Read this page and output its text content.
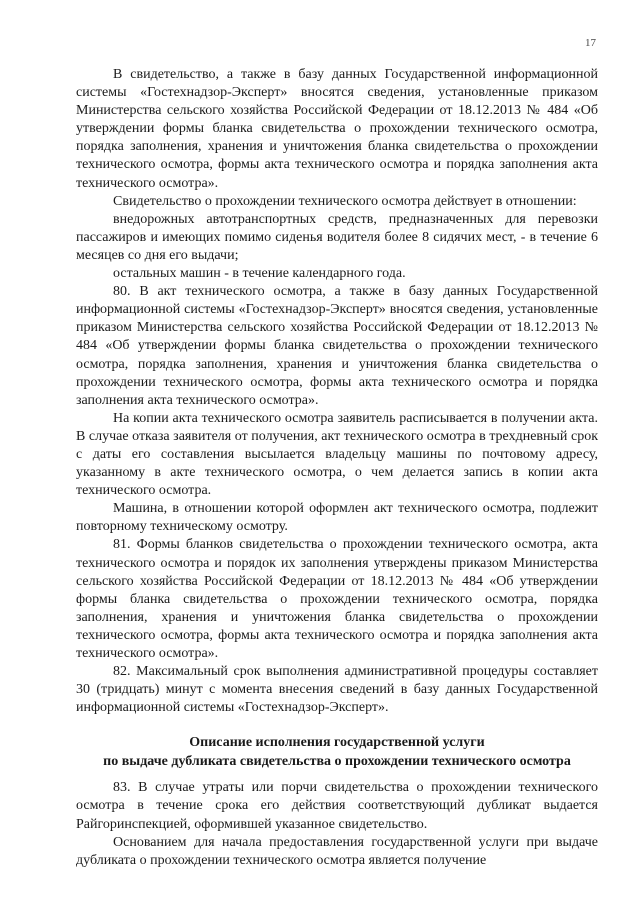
17

В свидетельство, а также в базу данных Государственной информационной системы «Гостехнадзор-Эксперт» вносятся сведения, установленные приказом Министерства сельского хозяйства Российской Федерации от 18.12.2013 № 484 «Об утверждении формы бланка свидетельства о прохождении технического осмотра, порядка заполнения, хранения и уничтожения бланка свидетельства о прохождении технического осмотра, формы акта технического осмотра и порядка заполнения акта технического осмотра».

Свидетельство о прохождении технического осмотра действует в отношении:

внедорожных автотранспортных средств, предназначенных для перевозки пассажиров и имеющих помимо сиденья водителя более 8 сидячих мест, - в течение 6 месяцев со дня его выдачи;

остальных машин - в течение календарного года.

80. В акт технического осмотра, а также в базу данных Государственной информационной системы «Гостехнадзор-Эксперт» вносятся сведения, установленные приказом Министерства сельского хозяйства Российской Федерации от 18.12.2013 № 484 «Об утверждении формы бланка свидетельства о прохождении технического осмотра, порядка заполнения, хранения и уничтожения бланка свидетельства о прохождении технического осмотра, формы акта технического осмотра и порядка заполнения акта технического осмотра».

На копии акта технического осмотра заявитель расписывается в получении акта. В случае отказа заявителя от получения, акт технического осмотра в трехдневный срок с даты его составления высылается владельцу машины по почтовому адресу, указанному в акте технического осмотра, о чем делается запись в копии акта технического осмотра.

Машина, в отношении которой оформлен акт технического осмотра, подлежит повторному техническому осмотру.

81. Формы бланков свидетельства о прохождении технического осмотра, акта технического осмотра и порядок их заполнения утверждены приказом Министерства сельского хозяйства Российской Федерации от 18.12.2013 № 484 «Об утверждении формы бланка свидетельства о прохождении технического осмотра, порядка заполнения, хранения и уничтожения бланка свидетельства о прохождении технического осмотра, формы акта технического осмотра и порядка заполнения акта технического осмотра».

82. Максимальный срок выполнения административной процедуры составляет 30 (тридцать) минут с момента внесения сведений в базу данных Государственной информационной системы «Гостехнадзор-Эксперт».

Описание исполнения государственной услуги
по выдаче дубликата свидетельства о прохождении технического осмотра

83. В случае утраты или порчи свидетельства о прохождении технического осмотра в течение срока его действия соответствующий дубликат выдается Райгоринспекцией, оформившей указанное свидетельство.

Основанием для начала предоставления государственной услуги при выдаче дубликата о прохождении технического осмотра является получение
